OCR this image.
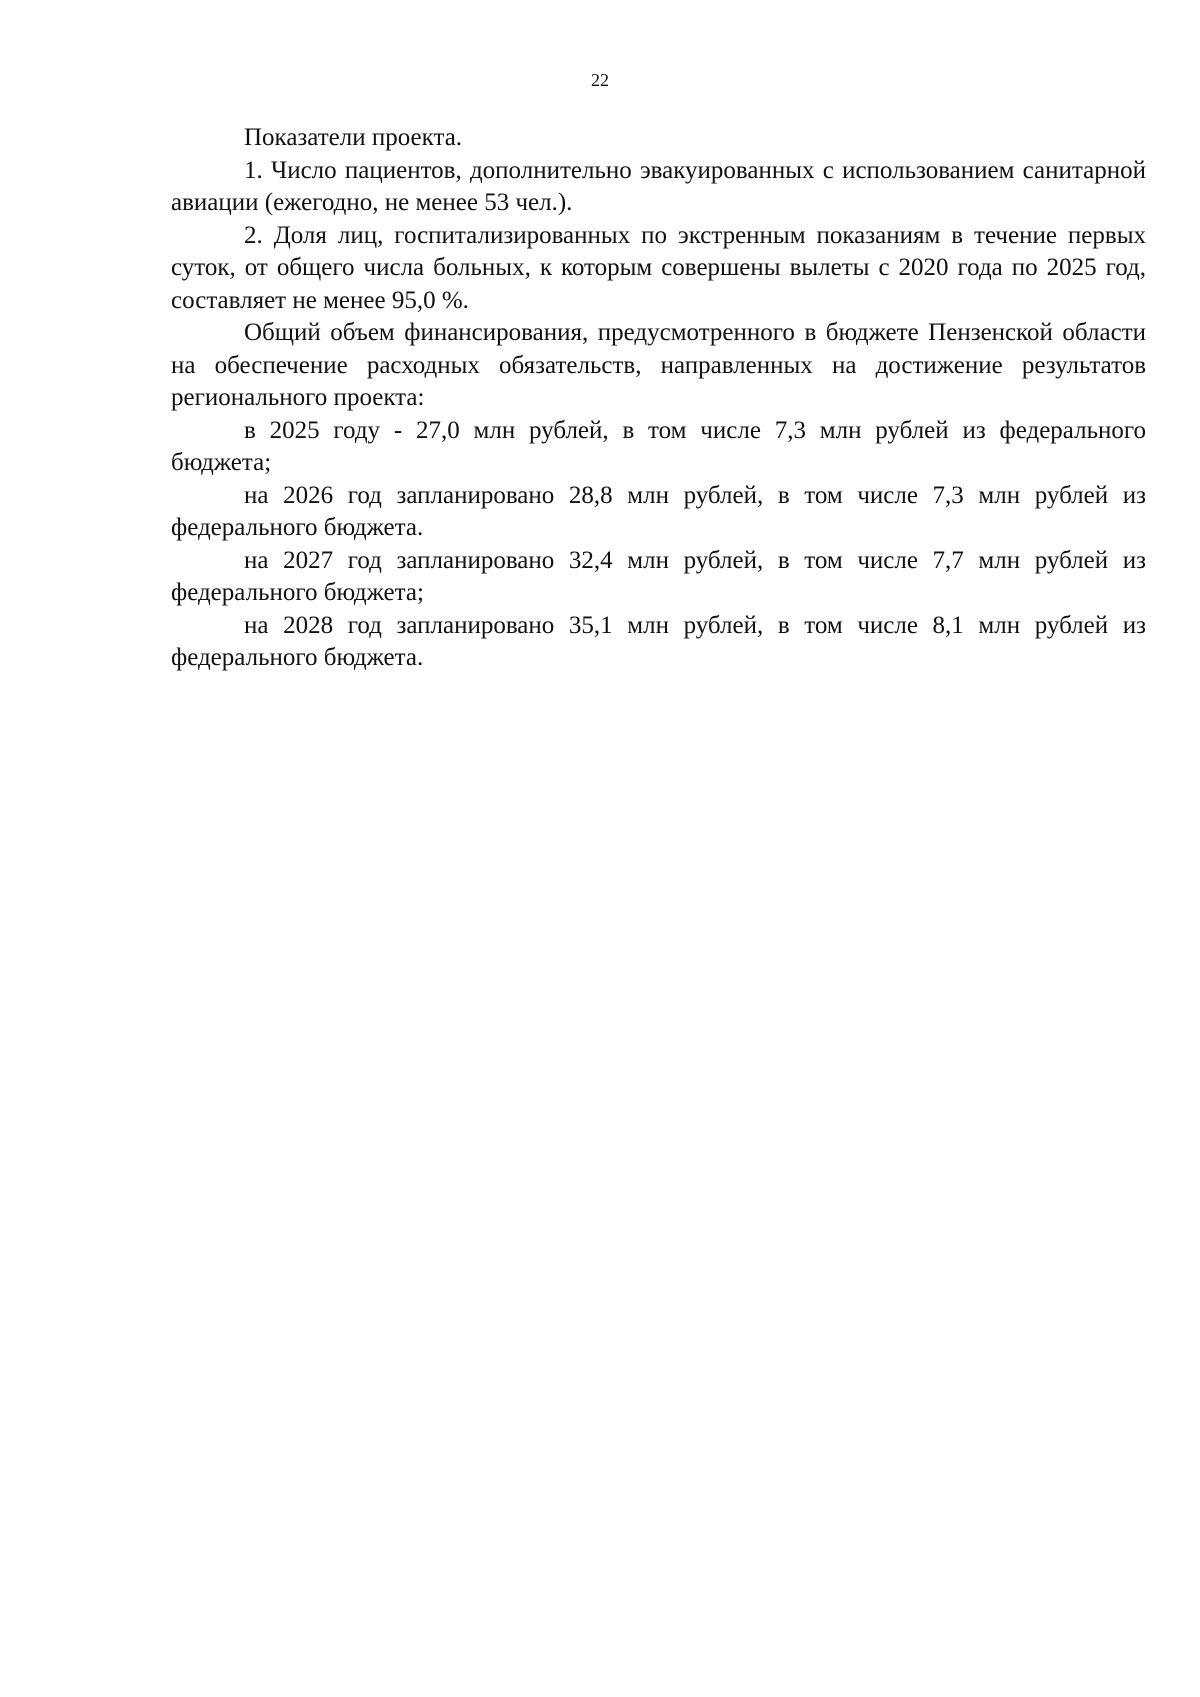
22

Показатели проекта.

1. Число пациентов, дополнительно эвакуированных с использованием санитарной авиации (ежегодно, не менее 53 чел.).

2. Доля лиц, госпитализированных по экстренным показаниям в течение первых суток, от общего числа больных, к которым совершены вылеты с 2020 года по 2025 год, составляет не менее 95,0 %.

Общий объем финансирования, предусмотренного в бюджете Пензенской области на обеспечение расходных обязательств, направленных на достижение результатов регионального проекта:

в 2025 году - 27,0 млн рублей, в том числе 7,3 млн рублей из федерального бюджета;

на 2026 год запланировано 28,8 млн рублей, в том числе 7,3 млн рублей из федерального бюджета.

на 2027 год запланировано 32,4 млн рублей, в том числе 7,7 млн рублей из федерального бюджета;

на 2028 год запланировано 35,1 млн рублей, в том числе 8,1 млн рублей из федерального бюджета.
